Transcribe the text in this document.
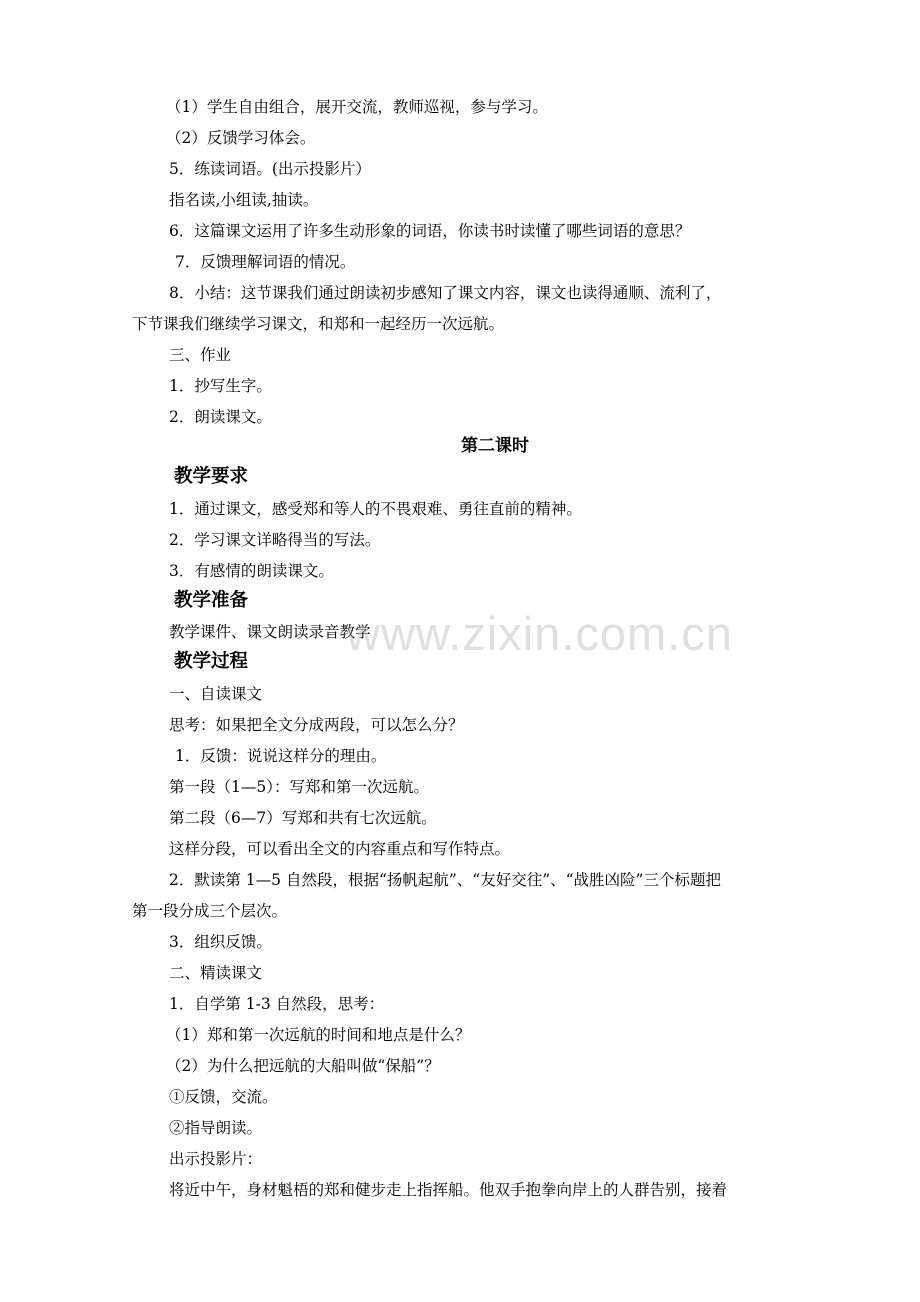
（1）学生自由组合，展开交流，教师巡视，参与学习。
（2）反馈学习体会。
5．练读词语。(出示投影片）
指名读,小组读,抽读。
6．这篇课文运用了许多生动形象的词语，你读书时读懂了哪些词语的意思？
7．反馈理解词语的情况。
8．小结：这节课我们通过朗读初步感知了课文内容，课文也读得通顺、流利了，
下节课我们继续学习课文，和郑和一起经历一次远航。
三、作业
1．抄写生字。
2．朗读课文。
第二课时
教学要求
1．通过课文，感受郑和等人的不畏艰难、勇往直前的精神。
2．学习课文详略得当的写法。
3．有感情的朗读课文。
教学准备
教学课件、课文朗读录音教学
教学过程
一、自读课文
思考：如果把全文分成两段，可以怎么分？
1．反馈：说说这样分的理由。
第一段（1—5）：写郑和第一次远航。
第二段（6—7）写郑和共有七次远航。
这样分段，可以看出全文的内容重点和写作特点。
2．默读第 1—5 自然段，根据“扬帆起航”、“友好交往”、“战胜凶险”三个标题把
第一段分成三个层次。
3．组织反馈。
二、精读课文
1．自学第 1-3 自然段，思考：
（1）郑和第一次远航的时间和地点是什么？
（2）为什么把远航的大船叫做“保船”？
①反馈，交流。
②指导朗读。
出示投影片：
将近中午，身材魁梧的郑和健步走上指挥船。他双手抱拳向岸上的人群告别，接着
www.zixin.com.cn
